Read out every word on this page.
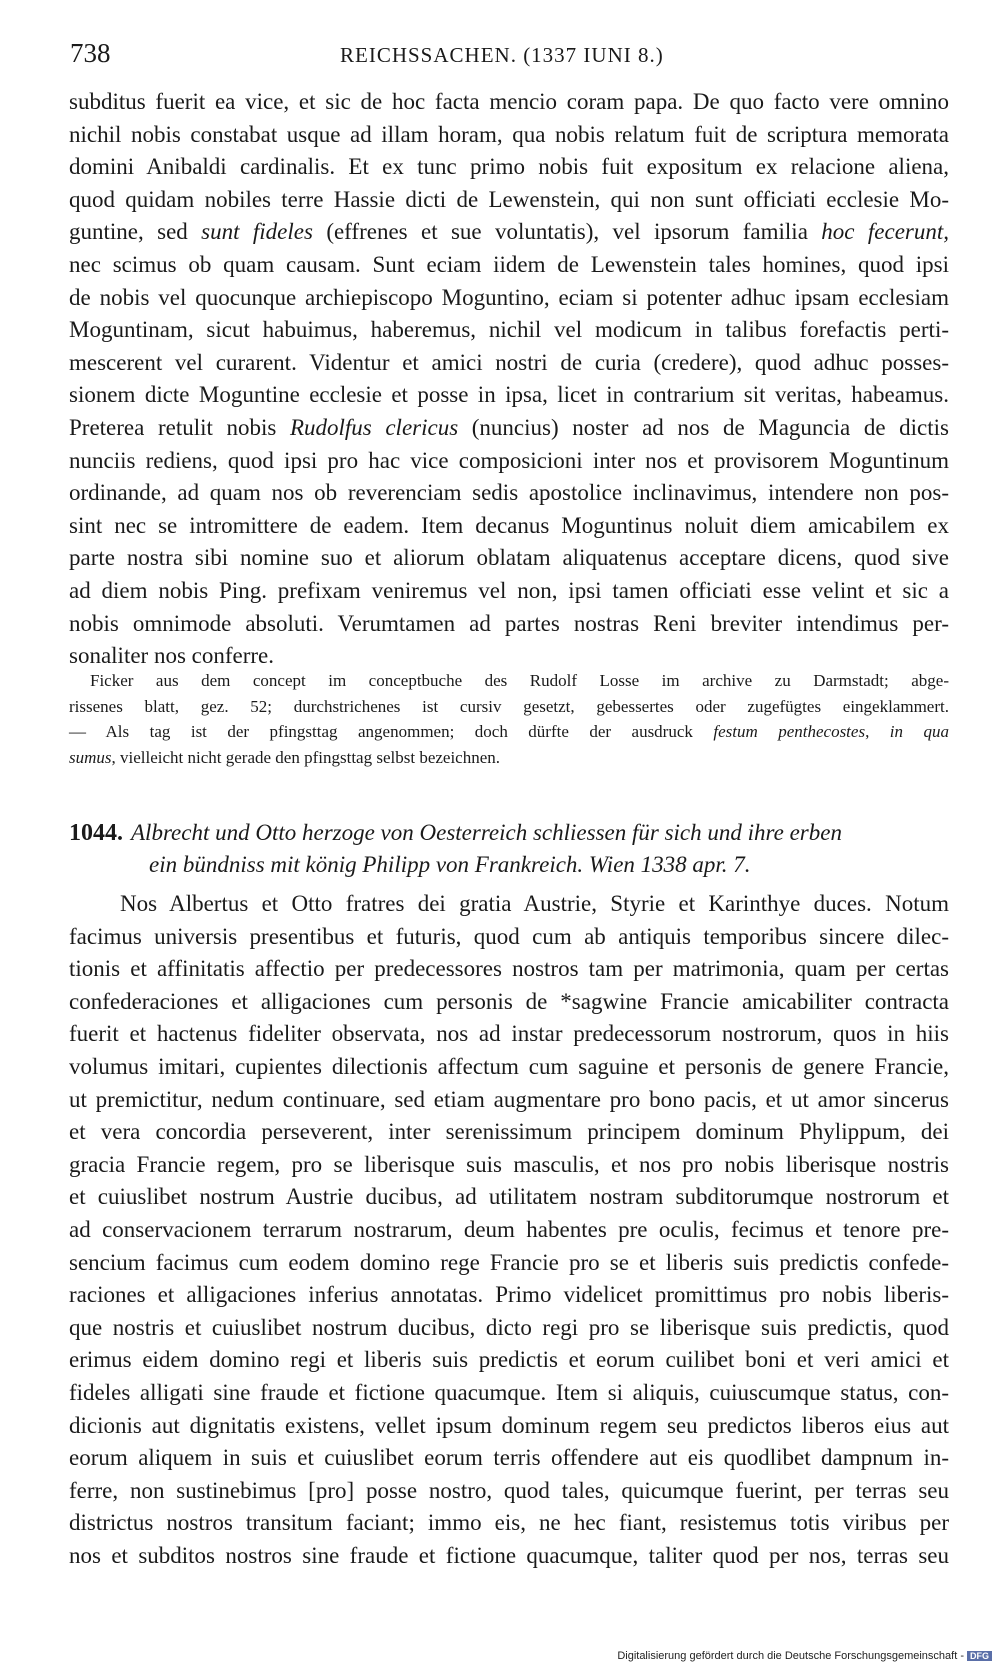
738	REICHSSACHEN. (1337 IUNI 8.)
subditus fuerit ea vice, et sic de hoc facta mencio coram papa. De quo facto vere omnino
nichil nobis constabat usque ad illam horam, qua nobis relatum fuit de scriptura memorata
domini Anibaldi cardinalis. Et ex tunc primo nobis fuit expositum ex relacione aliena,
quod quidam nobiles terre Hassie dicti de Lewenstein, qui non sunt officiati ecclesie Mo-
guntine, sed sunt fideles (effrenes et sue voluntatis), vel ipsorum familia hoc fecerunt,
nec scimus ob quam causam. Sunt eciam iidem de Lewenstein tales homines, quod ipsi
de nobis vel quocunque archiepiscopo Moguntino, eciam si potenter adhuc ipsam ecclesiam
Moguntinam, sicut habuimus, haberemus, nichil vel modicum in talibus forefactis perti-
mescerent vel curarent. Videntur et amici nostri de curia (credere), quod adhuc posses-
sionem dicte Moguntine ecclesie et posse in ipsa, licet in contrarium sit veritas, habeamus.
Preterea retulit nobis Rudolfus clericus (nuncius) noster ad nos de Maguncia de dictis
nunciis rediens, quod ipsi pro hac vice composicioni inter nos et provisorem Moguntinum
ordinande, ad quam nos ob reverenciam sedis apostolice inclinavimus, intendere non pos-
sint nec se intromittere de eadem. Item decanus Moguntinus noluit diem amicabilem ex
parte nostra sibi nomine suo et aliorum oblatam aliquatenus acceptare dicens, quod sive
ad diem nobis Ping. prefixam veniremus vel non, ipsi tamen officiati esse velint et sic a
nobis omnimode absoluti. Verumtamen ad partes nostras Reni breviter intendimus per-
sonaliter nos conferre.
Ficker aus dem concept im conceptbuche des Rudolf Losse im archive zu Darmstadt; abge-
rissenes blatt, gez. 52; durchstrichenes ist cursiv gesetzt, gebessertes oder zugefügtes eingeklammert.
— Als tag ist der pfingsttag angenommen; doch dürfte der ausdruck festum penthecostes, in qua
sumus, vielleicht nicht gerade den pfingsttag selbst bezeichnen.
1044. Albrecht und Otto herzoge von Oesterreich schliessen für sich und ihre erben
ein bündniss mit könig Philipp von Frankreich. Wien 1338 apr. 7.
Nos Albertus et Otto fratres dei gratia Austrie, Styrie et Karinthye duces. Notum
facimus universis presentibus et futuris, quod cum ab antiquis temporibus sincere dilec-
tionis et affinitatis affectio per predecessores nostros tam per matrimonia, quam per certas
confederaciones et alligaciones cum personis de *sagwine Francie amicabiliter contracta
fuerit et hactenus fideliter observata, nos ad instar predecessorum nostrorum, quos in hiis
volumus imitari, cupientes dilectionis affectum cum saguine et personis de genere Francie,
ut premictitur, nedum continuare, sed etiam augmentare pro bono pacis, et ut amor sincerus
et vera concordia perseverent, inter serenissimum principem dominum Phylippum, dei
gracia Francie regem, pro se liberisque suis masculis, et nos pro nobis liberisque nostris
et cuiuslibet nostrum Austrie ducibus, ad utilitatem nostram subditorumque nostrorum et
ad conservacionem terrarum nostrarum, deum habentes pre oculis, fecimus et tenore pre-
sencium facimus cum eodem domino rege Francie pro se et liberis suis predictis confede-
raciones et alligaciones inferius annotatas. Primo videlicet promittimus pro nobis liberis-
que nostris et cuiuslibet nostrum ducibus, dicto regi pro se liberisque suis predictis, quod
erimus eidem domino regi et liberis suis predictis et eorum cuilibet boni et veri amici et
fideles alligati sine fraude et fictione quacumque. Item si aliquis, cuiuscumque status, con-
dicionis aut dignitatis existens, vellet ipsum dominum regem seu predictos liberos eius aut
eorum aliquem in suis et cuiuslibet eorum terris offendere aut eis quodlibet dampnum in-
ferre, non sustinebimus [pro] posse nostro, quod tales, quicumque fuerint, per terras seu
districtus nostros transitum faciant; immo eis, ne hec fiant, resistemus totis viribus per
nos et subditos nostros sine fraude et fictione quacumque, taliter quod per nos, terras seu
Digitalisierung gefördert durch die Deutsche Forschungsgemeinschaft - DFG
